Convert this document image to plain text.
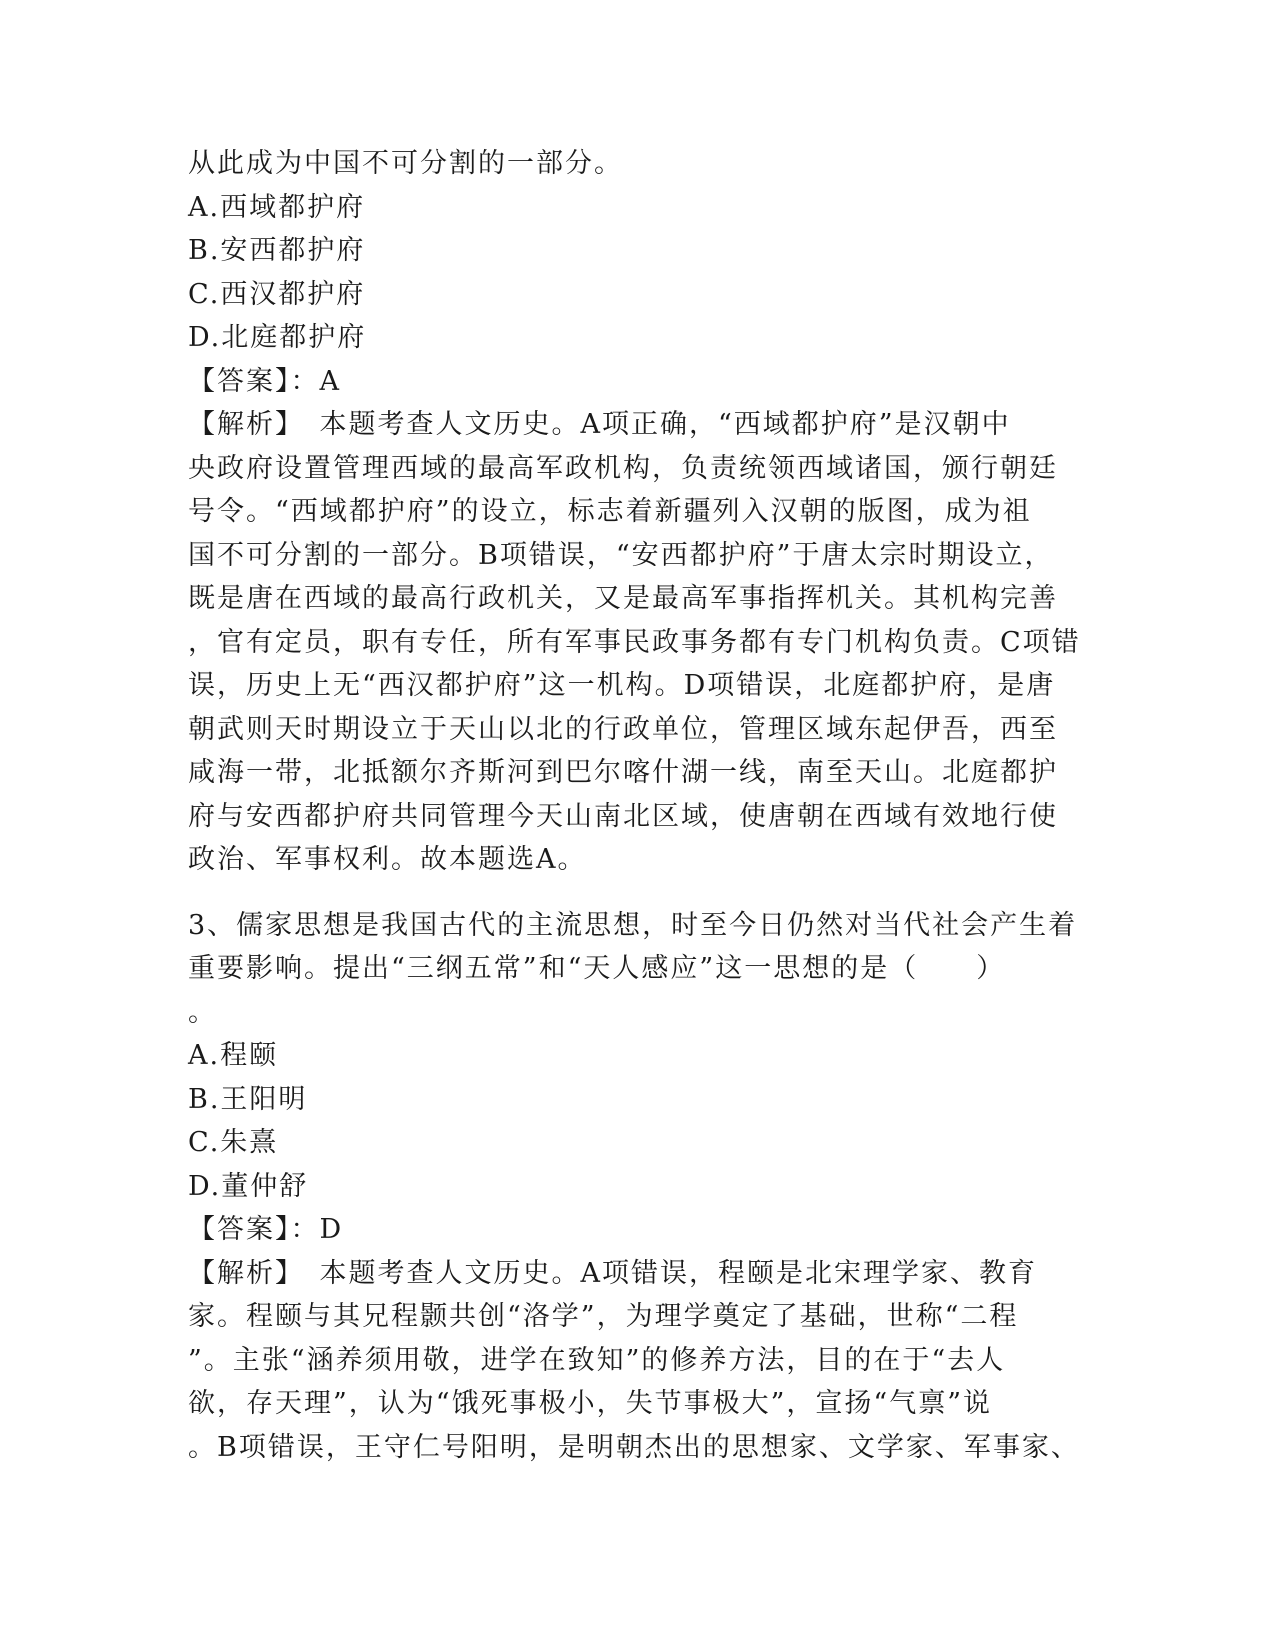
从此成为中国不可分割的一部分。
A.西域都护府
B.安西都护府
C.西汉都护府
D.北庭都护府
【答案】：A
【解析】　本题考查人文历史。A项正确，“西域都护府”是汉朝中
央政府设置管理西域的最高军政机构，负责统领西域诸国，颁行朝廷
号令。“西域都护府”的设立，标志着新疆列入汉朝的版图，成为祖
国不可分割的一部分。B项错误，“安西都护府”于唐太宗时期设立，
既是唐在西域的最高行政机关，又是最高军事指挥机关。其机构完善
，官有定员，职有专任，所有军事民政事务都有专门机构负责。C项错
误，历史上无“西汉都护府”这一机构。D项错误，北庭都护府，是唐
朝武则天时期设立于天山以北的行政单位，管理区域东起伊吾，西至
咸海一带，北抵额尔齐斯河到巴尔喀什湖一线，南至天山。北庭都护
府与安西都护府共同管理今天山南北区域，使唐朝在西域有效地行使
政治、军事权利。故本题选A。
3、儒家思想是我国古代的主流思想，时至今日仍然对当代社会产生着
重要影响。提出“三纲五常”和“天人感应”这一思想的是（　　）
。
A.程颐
B.王阳明
C.朱熹
D.董仲舒
【答案】：D
【解析】　本题考查人文历史。A项错误，程颐是北宋理学家、教育
家。程颐与其兄程颢共创“洛学”，为理学奠定了基础，世称“二程
”。主张“涵养须用敬，进学在致知”的修养方法，目的在于“去人
欲，存天理”，认为“饿死事极小，失节事极大”，宣扬“气禀”说
。B项错误，王守仁号阳明，是明朝杰出的思想家、文学家、军事家、
